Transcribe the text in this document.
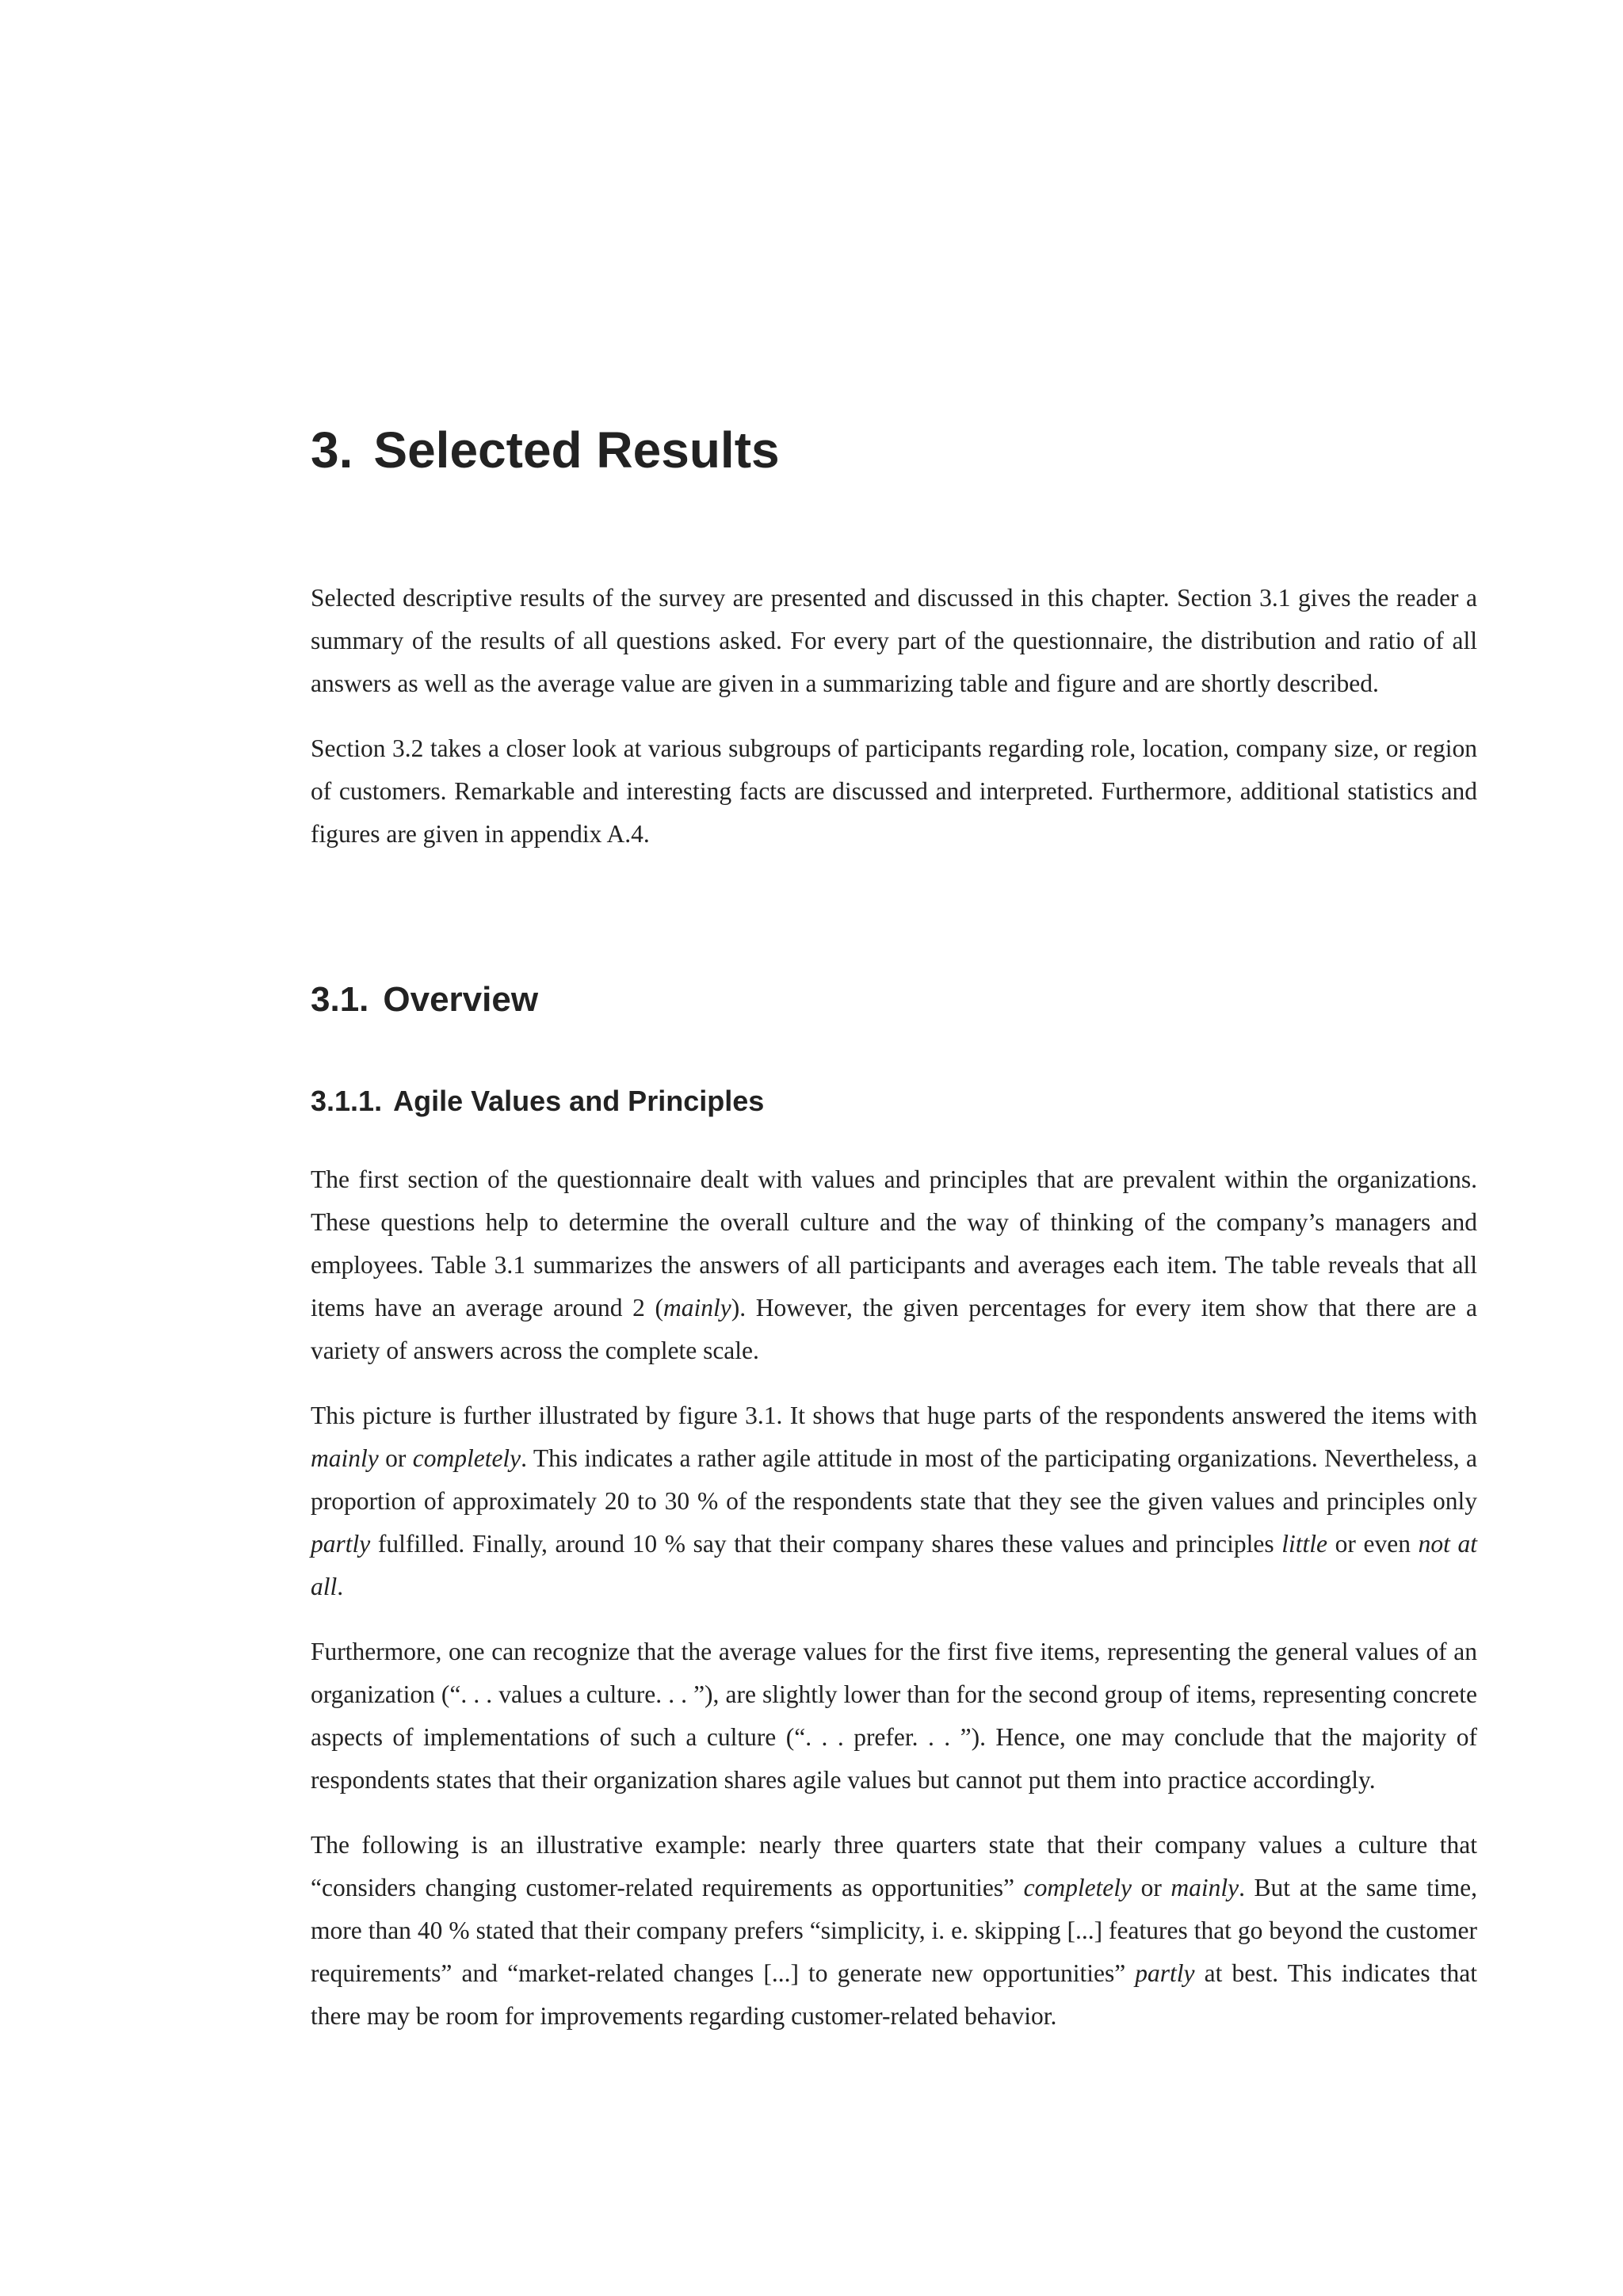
3. Selected Results

Selected descriptive results of the survey are presented and discussed in this chapter. Section 3.1 gives the reader a summary of the results of all questions asked. For every part of the questionnaire, the distribution and ratio of all answers as well as the average value are given in a summarizing table and figure and are shortly described.

Section 3.2 takes a closer look at various subgroups of participants regarding role, location, company size, or region of customers. Remarkable and interesting facts are discussed and interpreted. Furthermore, additional statistics and figures are given in appendix A.4.

3.1. Overview
3.1.1. Agile Values and Principles

The first section of the questionnaire dealt with values and principles that are prevalent within the organizations. These questions help to determine the overall culture and the way of thinking of the company’s managers and employees. Table 3.1 summarizes the answers of all participants and averages each item. The table reveals that all items have an average around 2 (mainly). However, the given percentages for every item show that there are a variety of answers across the complete scale.

This picture is further illustrated by figure 3.1. It shows that huge parts of the respondents answered the items with mainly or completely. This indicates a rather agile attitude in most of the participating organizations. Nevertheless, a proportion of approximately 20 to 30 % of the respondents state that they see the given values and principles only partly fulfilled. Finally, around 10 % say that their company shares these values and principles little or even not at all.

Furthermore, one can recognize that the average values for the first five items, representing the general values of an organization (“. . . values a culture. . . ”), are slightly lower than for the second group of items, representing concrete aspects of implementations of such a culture (“. . . prefer. . . ”). Hence, one may conclude that the majority of respondents states that their organization shares agile values but cannot put them into practice accordingly.

The following is an illustrative example: nearly three quarters state that their company values a culture that “considers changing customer-related requirements as opportunities” completely or mainly. But at the same time, more than 40 % stated that their company prefers “simplicity, i. e. skipping [...] features that go beyond the customer requirements” and “market-related changes [...] to generate new opportunities” partly at best. This indicates that there may be room for improvements regarding customer-related behavior.
